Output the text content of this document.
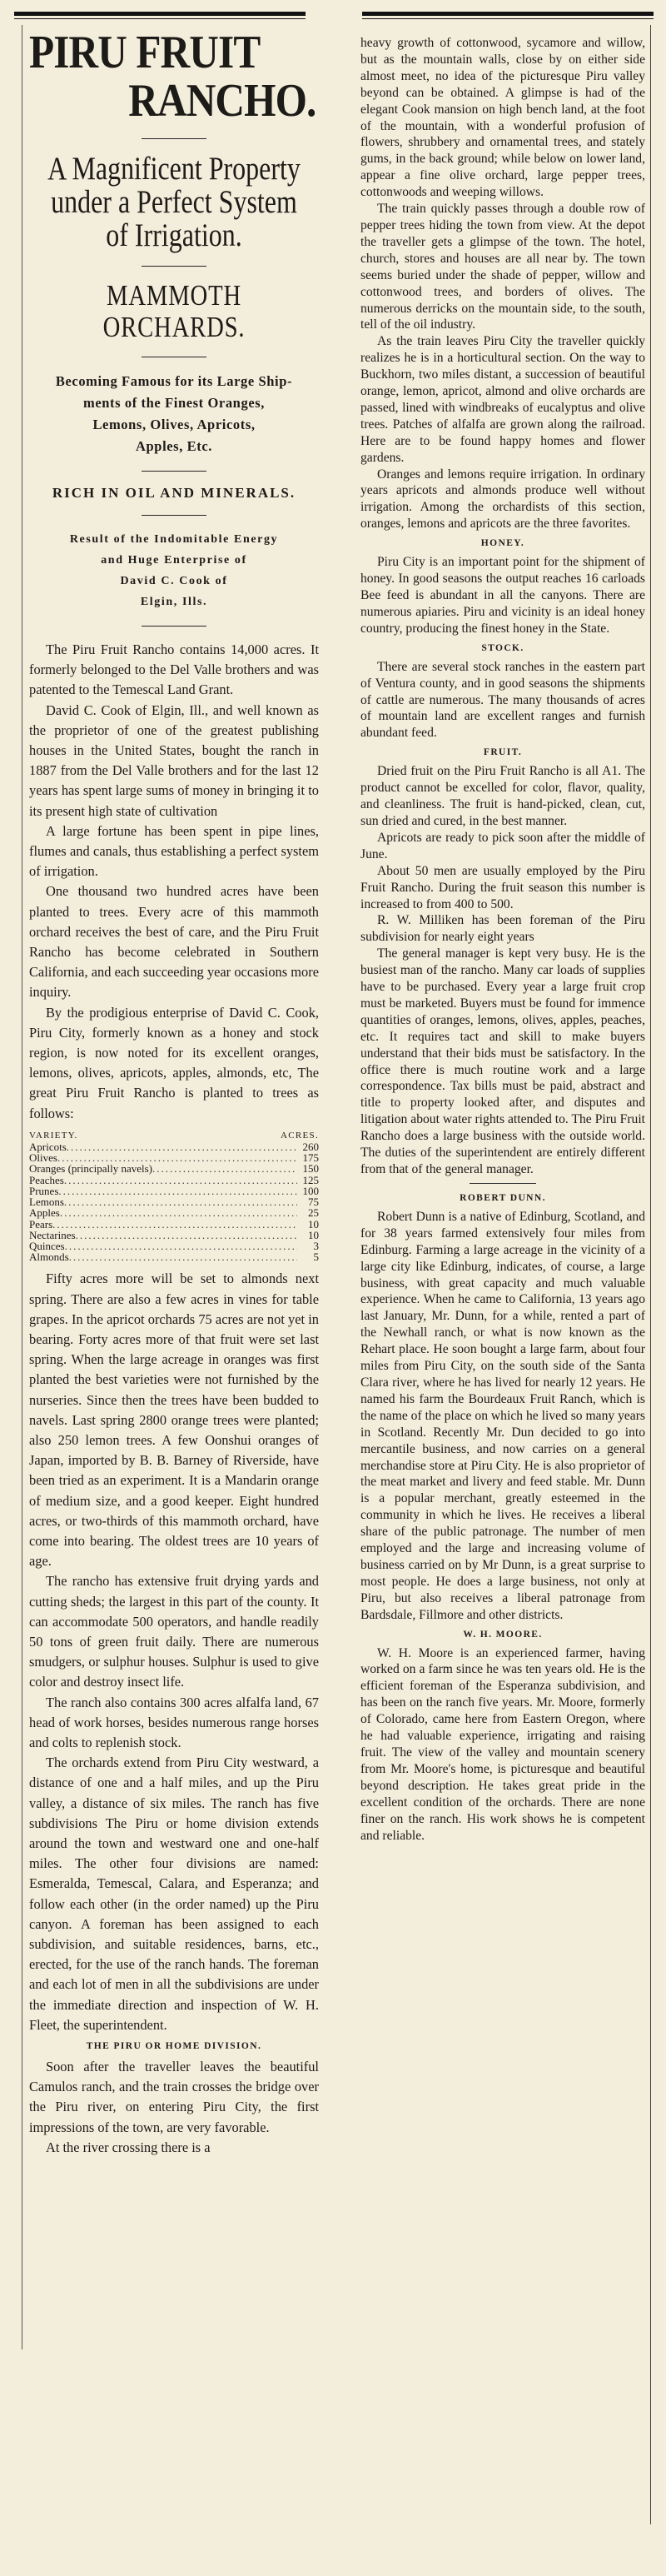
PIRU FRUIT
RANCHO.
A Magnificent Property
under a Perfect System
of Irrigation.
MAMMOTH ORCHARDS.
Becoming Famous for its Large Ship-
ments of the Finest Oranges,
Lemons, Olives, Apricots,
Apples, Etc.
RICH IN OIL AND MINERALS.
Result of the Indomitable Energy
and Huge Enterprise of
David C. Cook of
Elgin, Ills.

The Piru Fruit Rancho contains 14,000 acres. It formerly belonged to the Del Valle brothers and was patented to the Temescal Land Grant.

David C. Cook of Elgin, Ill., and well known as the proprietor of one of the greatest publishing houses in the United States, bought the ranch in 1887 from the Del Valle brothers and for the last 12 years has spent large sums of money in bringing it to its present high state of cultivation

A large fortune has been spent in pipe lines, flumes and canals, thus establishing a perfect system of irrigation.

One thousand two hundred acres have been planted to trees. Every acre of this mammoth orchard receives the best of care, and the Piru Fruit Rancho has become celebrated in Southern California, and each succeeding year occasions more inquiry.

By the prodigious enterprise of David C. Cook, Piru City, formerly known as a honey and stock region, is now noted for its excellent oranges, lemons, olives, apricots, apples, almonds, etc, The great Piru Fruit Rancho is planted to trees as follows:

VARIETY.	ACRES.
Apricots .....	260
Olives .....	175
Oranges (principally navels) .....	150
Peaches .....	125
Prunes .....	100
Lemons .....	75
Apples .....	25
Pears .....	10
Nectarines .....	10
Quinces .....	3
Almonds .....	5

Fifty acres more will be set to almonds next spring. There are also a few acres in vines for table grapes. In the apricot orchards 75 acres are not yet in bearing. Forty acres more of that fruit were set last spring. When the large acreage in oranges was first planted the best varieties were not furnished by the nurseries. Since then the trees have been budded to navels. Last spring 2800 orange trees were planted; also 250 lemon trees. A few Oonshui oranges of Japan, imported by B. B. Barney of Riverside, have been tried as an experiment. It is a Mandarin orange of medium size, and a good keeper. Eight hundred acres, or two-thirds of this mammoth orchard, have come into bearing. The oldest trees are 10 years of age.

The rancho has extensive fruit drying yards and cutting sheds; the largest in this part of the county. It can accommodate 500 operators, and handle readily 50 tons of green fruit daily. There are numerous smudgers, or sulphur houses. Sulphur is used to give color and destroy insect life.

The ranch also contains 300 acres alfalfa land, 67 head of work horses, besides numerous range horses and colts to replenish stock.

The orchards extend from Piru City westward, a distance of one and a half miles, and up the Piru valley, a distance of six miles. The ranch has five subdivisions The Piru or home division extends around the town and westward one and one-half miles. The other four divisions are named: Esmeralda, Temescal, Calara, and Esperanza; and follow each other (in the order named) up the Piru canyon. A foreman has been assigned to each subdivision, and suitable residences, barns, etc., erected, for the use of the ranch hands. The foreman and each lot of men in all the subdivisions are under the immediate direction and inspection of W. H. Fleet, the superintendent.

THE PIRU OR HOME DIVISION.

Soon after the traveller leaves the beautiful Camulos ranch, and the train crosses the bridge over the Piru river, on entering Piru City, the first impressions of the town, are very favorable.

At the river crossing there is a

heavy growth of cottonwood, sycamore and willow, but as the mountain walls, close by on either side almost meet, no idea of the picturesque Piru valley beyond can be obtained. A glimpse is had of the elegant Cook mansion on high bench land, at the foot of the mountain, with a wonderful profusion of flowers, shrubbery and ornamental trees, and stately gums, in the back ground; while below on lower land, appear a fine olive orchard, large pepper trees, cottonwoods and weeping willows.

The train quickly passes through a double row of pepper trees hiding the town from view. At the depot the traveller gets a glimpse of the town. The hotel, church, stores and houses are all near by. The town seems buried under the shade of pepper, willow and cottonwood trees, and borders of olives. The numerous derricks on the mountain side, to the south, tell of the oil industry.

As the train leaves Piru City the traveller quickly realizes he is in a horticultural section. On the way to Buckhorn, two miles distant, a succession of beautiful orange, lemon, apricot, almond and olive orchards are passed, lined with windbreaks of eucalyptus and olive trees. Patches of alfalfa are grown along the railroad. Here are to be found happy homes and flower gardens.

Oranges and lemons require irrigation. In ordinary years apricots and almonds produce well without irrigation. Among the orchardists of this section, oranges, lemons and apricots are the three favorites.

HONEY.

Piru City is an important point for the shipment of honey. In good seasons the output reaches 16 carloads Bee feed is abundant in all the canyons. There are numerous apiaries. Piru and vicinity is an ideal honey country, producing the finest honey in the State.

STOCK.

There are several stock ranches in the eastern part of Ventura county, and in good seasons the shipments of cattle are numerous. The many thousands of acres of mountain land are excellent ranges and furnish abundant feed.

FRUIT.

Dried fruit on the Piru Fruit Rancho is all A1. The product cannot be excelled for color, flavor, quality, and cleanliness. The fruit is hand-picked, clean, cut, sun dried and cured, in the best manner.

Apricots are ready to pick soon after the middle of June.

About 50 men are usually employed by the Piru Fruit Rancho. During the fruit season this number is increased to from 400 to 500.

R. W. Milliken has been foreman of the Piru subdivision for nearly eight years

The general manager is kept very busy. He is the busiest man of the rancho. Many car loads of supplies have to be purchased. Every year a large fruit crop must be marketed. Buyers must be found for immence quantities of oranges, lemons, olives, apples, peaches, etc. It requires tact and skill to make buyers understand that their bids must be satisfactory. In the office there is much routine work and a large correspondence. Tax bills must be paid, abstract and title to property looked after, and disputes and litigation about water rights attended to. The Piru Fruit Rancho does a large business with the outside world. The duties of the superintendent are entirely different from that of the general manager.

ROBERT DUNN.

Robert Dunn is a native of Edinburg, Scotland, and for 38 years farmed extensively four miles from Edinburg. Farming a large acreage in the vicinity of a large city like Edinburg, indicates, of course, a large business, with great capacity and much valuable experience. When he came to California, 13 years ago last January, Mr. Dunn, for a while, rented a part of the Newhall ranch, or what is now known as the Rehart place. He soon bought a large farm, about four miles from Piru City, on the south side of the Santa Clara river, where he has lived for nearly 12 years. He named his farm the Bourdeaux Fruit Ranch, which is the name of the place on which he lived so many years in Scotland. Recently Mr. Dun decided to go into mercantile business, and now carries on a general merchandise store at Piru City. He is also proprietor of the meat market and livery and feed stable. Mr. Dunn is a popular merchant, greatly esteemed in the community in which he lives. He receives a liberal share of the public patronage. The number of men employed and the large and increasing volume of business carried on by Mr Dunn, is a great surprise to most people. He does a large business, not only at Piru, but also receives a liberal patronage from Bardsdale, Fillmore and other districts.

W. H. MOORE.

W. H. Moore is an experienced farmer, having worked on a farm since he was ten years old. He is the efficient foreman of the Esperanza subdivision, and has been on the ranch five years. Mr. Moore, formerly of Colorado, came here from Eastern Oregon, where he had valuable experience, irrigating and raising fruit. The view of the valley and mountain scenery from Mr. Moore's home, is picturesque and beautiful beyond description. He takes great pride in the excellent condition of the orchards. There are none finer on the ranch. His work shows he is competent and reliable.
